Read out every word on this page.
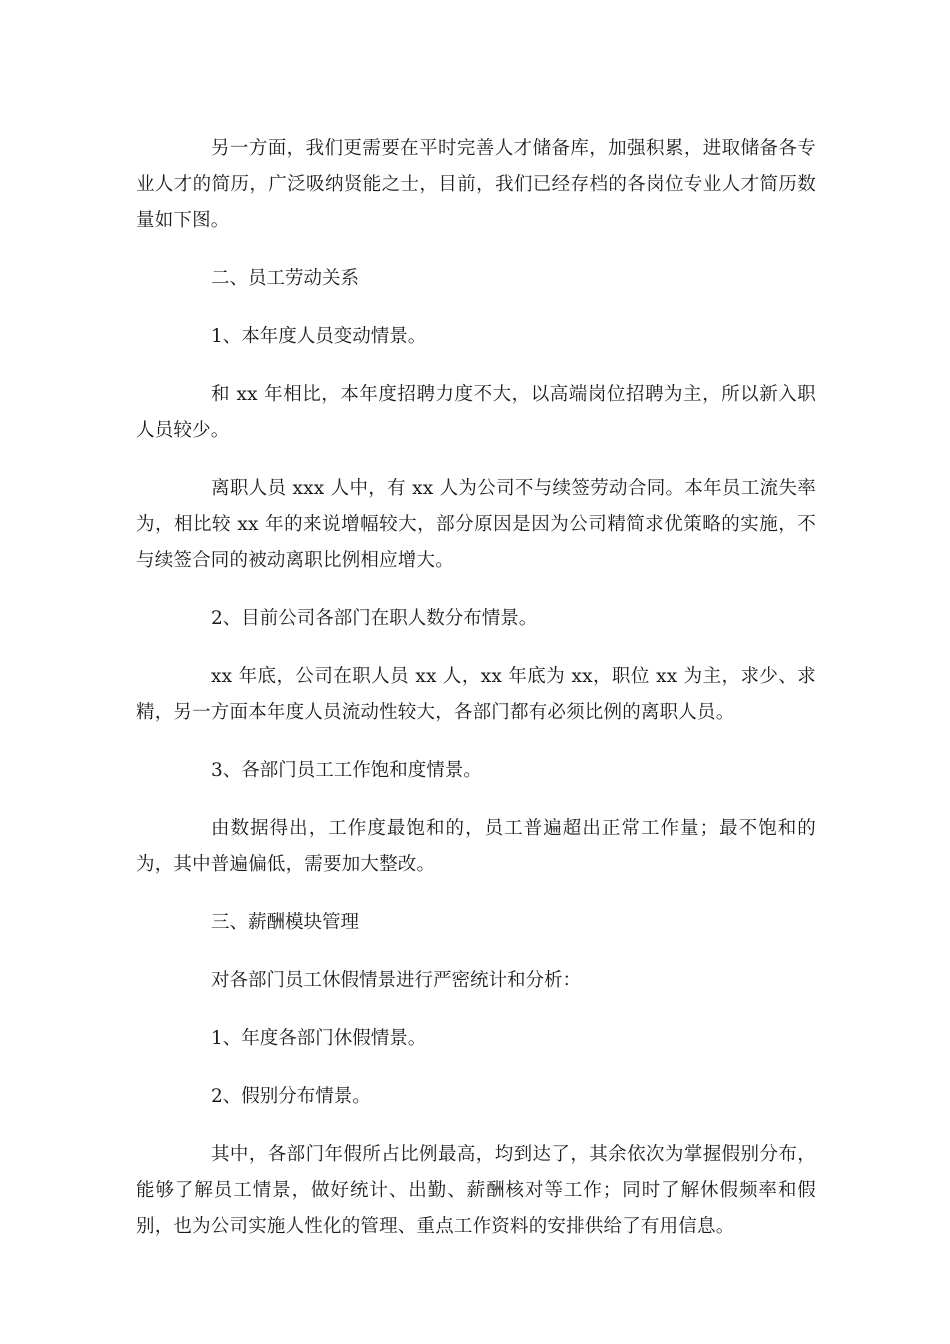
另一方面，我们更需要在平时完善人才储备库，加强积累，进取储备各专业人才的简历，广泛吸纳贤能之士，目前，我们已经存档的各岗位专业人才简历数量如下图。

二、员工劳动关系

1、本年度人员变动情景。

和 xx 年相比，本年度招聘力度不大，以高端岗位招聘为主，所以新入职人员较少。

离职人员 xxx 人中，有 xx 人为公司不与续签劳动合同。本年员工流失率为，相比较 xx 年的来说增幅较大，部分原因是因为公司精简求优策略的实施，不与续签合同的被动离职比例相应增大。

2、目前公司各部门在职人数分布情景。

xx 年底，公司在职人员 xx 人，xx 年底为 xx，职位 xx 为主，求少、求精，另一方面本年度人员流动性较大，各部门都有必须比例的离职人员。

3、各部门员工工作饱和度情景。

由数据得出，工作度最饱和的，员工普遍超出正常工作量；最不饱和的为，其中普遍偏低，需要加大整改。

三、薪酬模块管理

对各部门员工休假情景进行严密统计和分析：

1、年度各部门休假情景。

2、假别分布情景。

其中，各部门年假所占比例最高，均到达了，其余依次为掌握假别分布，能够了解员工情景，做好统计、出勤、薪酬核对等工作；同时了解休假频率和假别，也为公司实施人性化的管理、重点工作资料的安排供给了有用信息。
